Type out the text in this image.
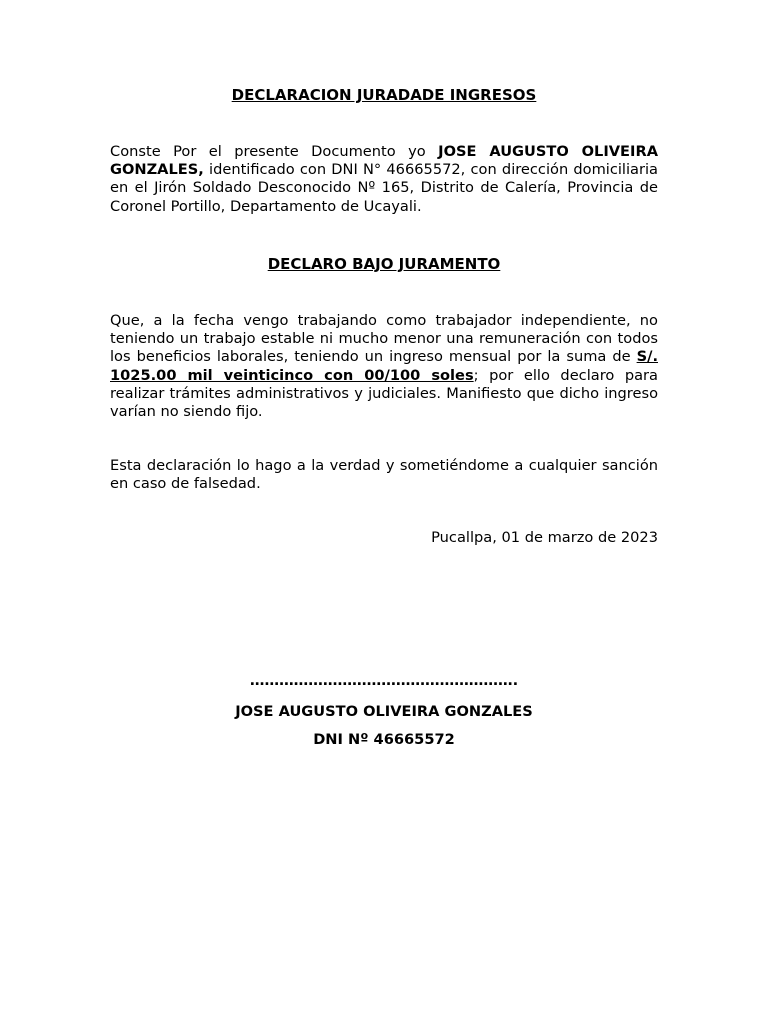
DECLARACION JURADADE INGRESOS
Conste Por el presente Documento yo JOSE AUGUSTO OLIVEIRA GONZALES, identificado con DNI N° 46665572, con dirección domiciliaria en el Jirón Soldado Desconocido Nº 165, Distrito de Calería, Provincia de Coronel Portillo, Departamento de Ucayali.
DECLARO BAJO JURAMENTO
Que, a la fecha vengo trabajando como trabajador independiente, no teniendo un trabajo estable ni mucho menor una remuneración con todos los beneficios laborales, teniendo un ingreso mensual por la suma de S/. 1025.00 mil veinticinco con 00/100 soles; por ello declaro para realizar trámites administrativos y judiciales. Manifiesto que dicho ingreso varían no siendo fijo.
Esta declaración lo hago a la verdad y sometiéndome a cualquier sanción en caso de falsedad.
Pucallpa, 01 de marzo de 2023
……………………………………………….
JOSE AUGUSTO OLIVEIRA GONZALES
DNI Nº 46665572
